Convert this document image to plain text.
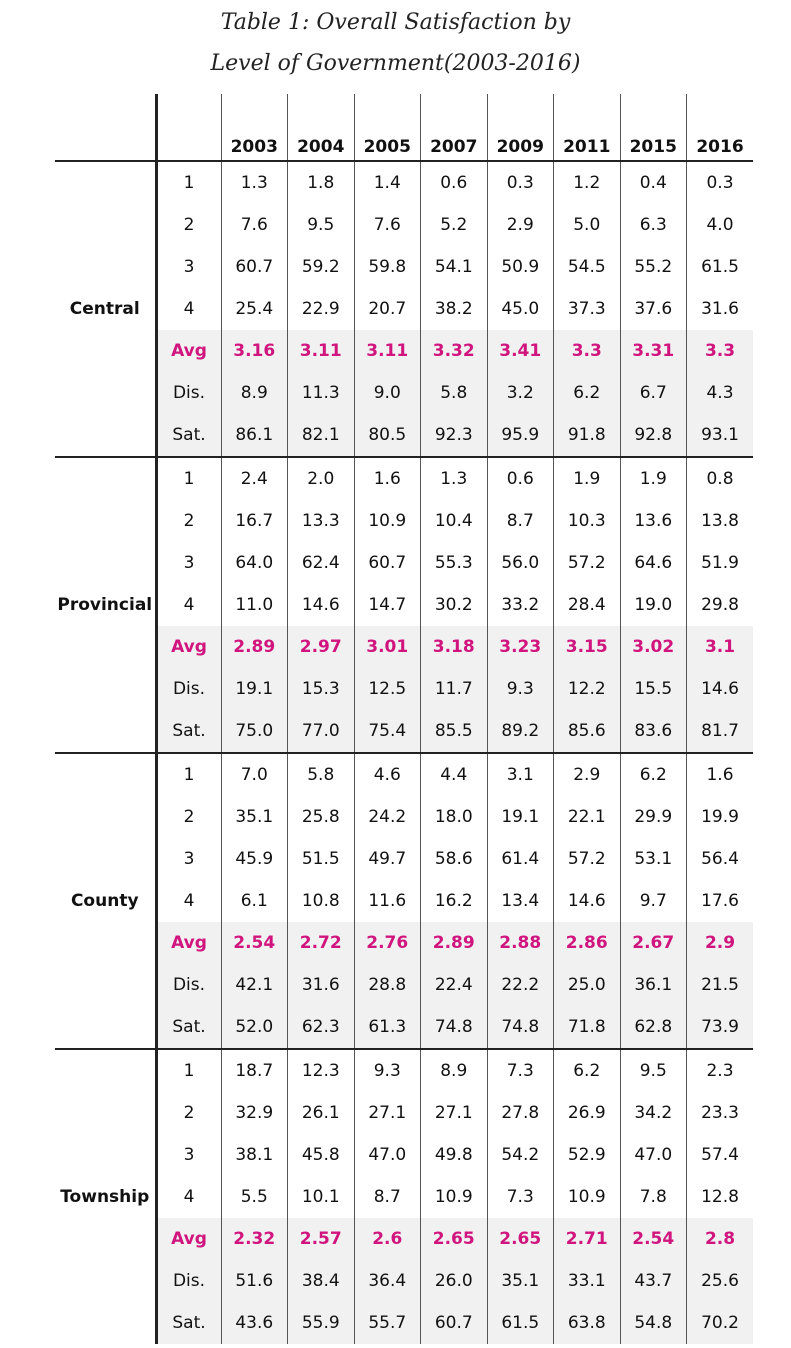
Table 1: Overall Satisfaction by
Level of Government(2003-2016)
		2003	2004	2005	2007	2009	2011	2015	2016
Central	1	1.3	1.8	1.4	0.6	0.3	1.2	0.4	0.3
	2	7.6	9.5	7.6	5.2	2.9	5.0	6.3	4.0
	3	60.7	59.2	59.8	54.1	50.9	54.5	55.2	61.5
	4	25.4	22.9	20.7	38.2	45.0	37.3	37.6	31.6
	Avg	3.16	3.11	3.11	3.32	3.41	3.3	3.31	3.3
	Dis.	8.9	11.3	9.0	5.8	3.2	6.2	6.7	4.3
	Sat.	86.1	82.1	80.5	92.3	95.9	91.8	92.8	93.1
Provincial	1	2.4	2.0	1.6	1.3	0.6	1.9	1.9	0.8
	2	16.7	13.3	10.9	10.4	8.7	10.3	13.6	13.8
	3	64.0	62.4	60.7	55.3	56.0	57.2	64.6	51.9
	4	11.0	14.6	14.7	30.2	33.2	28.4	19.0	29.8
	Avg	2.89	2.97	3.01	3.18	3.23	3.15	3.02	3.1
	Dis.	19.1	15.3	12.5	11.7	9.3	12.2	15.5	14.6
	Sat.	75.0	77.0	75.4	85.5	89.2	85.6	83.6	81.7
County	1	7.0	5.8	4.6	4.4	3.1	2.9	6.2	1.6
	2	35.1	25.8	24.2	18.0	19.1	22.1	29.9	19.9
	3	45.9	51.5	49.7	58.6	61.4	57.2	53.1	56.4
	4	6.1	10.8	11.6	16.2	13.4	14.6	9.7	17.6
	Avg	2.54	2.72	2.76	2.89	2.88	2.86	2.67	2.9
	Dis.	42.1	31.6	28.8	22.4	22.2	25.0	36.1	21.5
	Sat.	52.0	62.3	61.3	74.8	74.8	71.8	62.8	73.9
Township	1	18.7	12.3	9.3	8.9	7.3	6.2	9.5	2.3
	2	32.9	26.1	27.1	27.1	27.8	26.9	34.2	23.3
	3	38.1	45.8	47.0	49.8	54.2	52.9	47.0	57.4
	4	5.5	10.1	8.7	10.9	7.3	10.9	7.8	12.8
	Avg	2.32	2.57	2.6	2.65	2.65	2.71	2.54	2.8
	Dis.	51.6	38.4	36.4	26.0	35.1	33.1	43.7	25.6
	Sat.	43.6	55.9	55.7	60.7	61.5	63.8	54.8	70.2
